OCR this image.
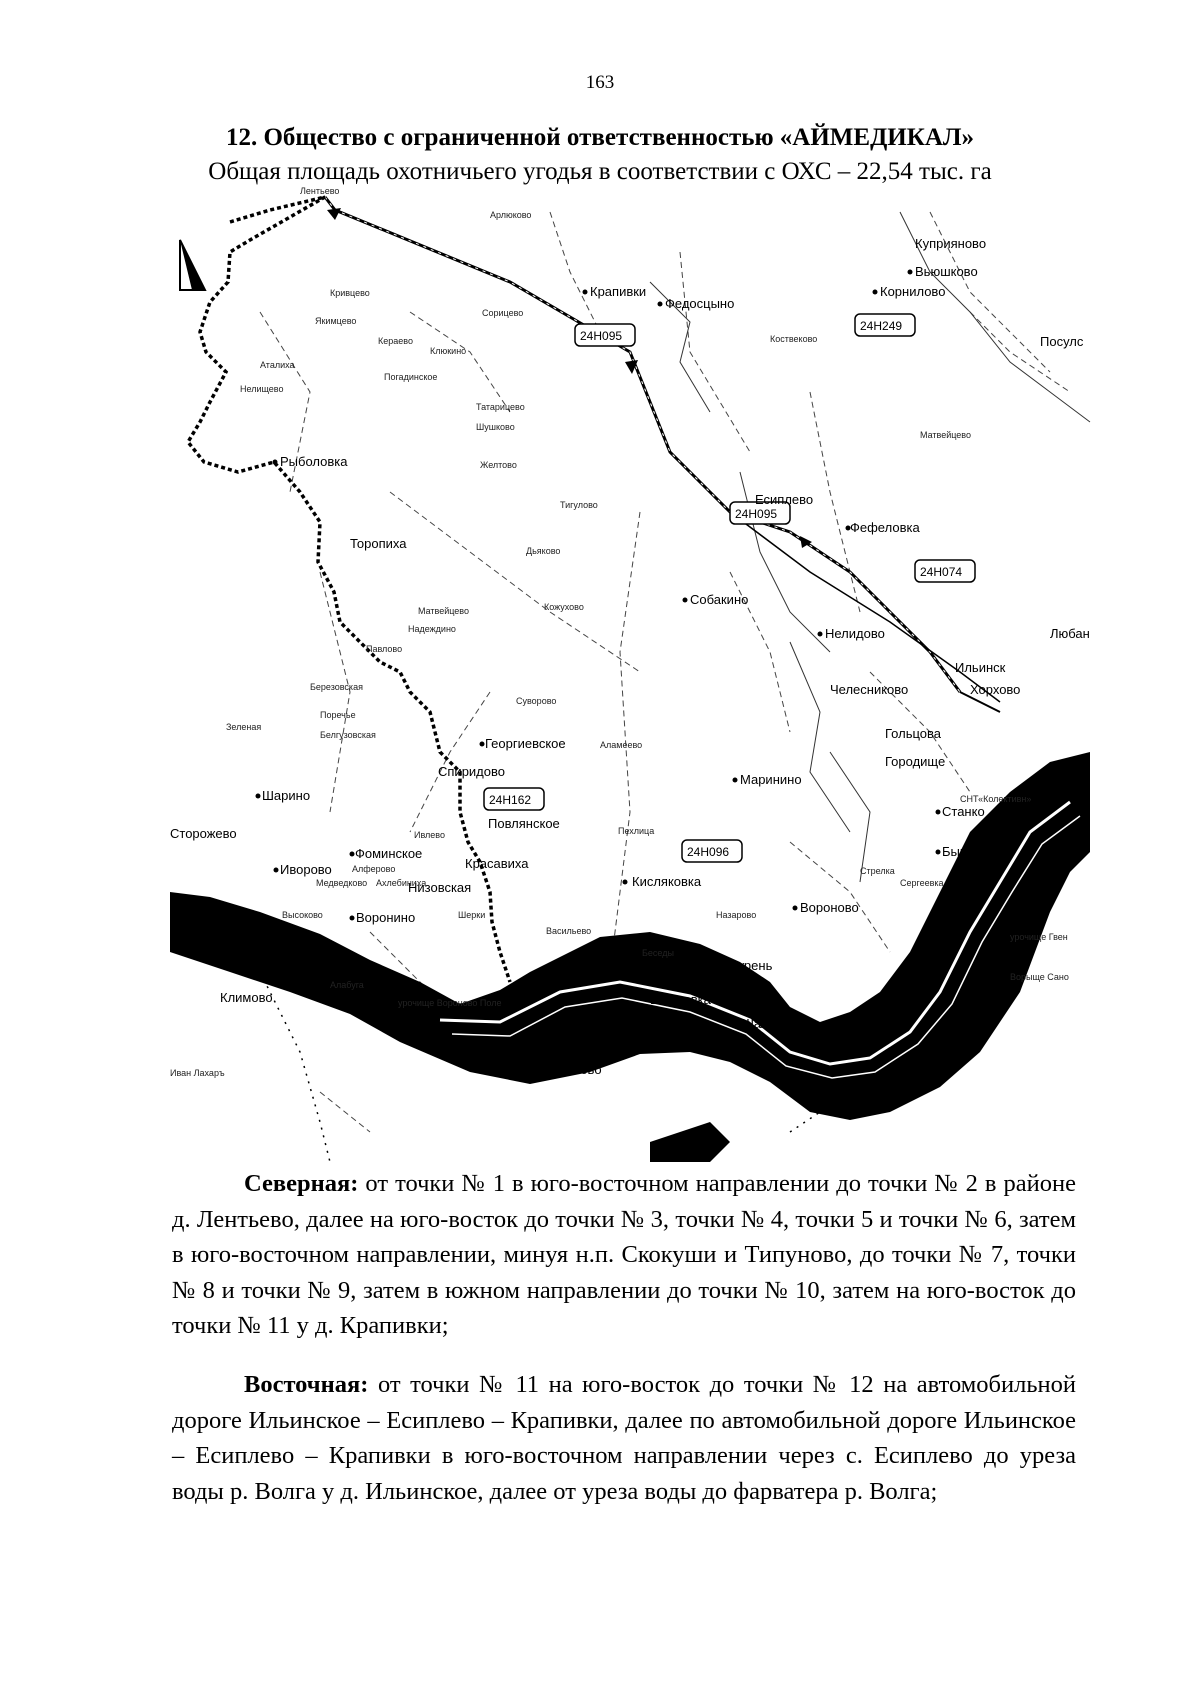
163
12. Общество с ограниченной ответственностью «АЙМЕДИКАЛ»
Общая площадь охотничьего угодья в соответствии с ОХС – 22,54 тыс. га
24Н095
24Н249
24Н095
24Н074
24Н162
24Н096
Лентьево
Крапивки
Федосцыно
Куприяново
Вьюшково
Корнилово
Посулс
Рыболовка
Торопиха
Есиплево
Фефеловка
Собакино
Нелидово
Ильинск
Любан
Челесниково	Хорхово
Гольцова
Городище
Маринино
Георгиевское
Спиридово
Шарино
Сторожево
Повлянское
Фоминское
Иворово
Кисляковка
Красавиха
Низовская
Воронино
Мальцево
Пеньки
Климово
Курень
Вороново
Станко
Быковка
Борщевка
Шалдово
Пуховец	Суздa
Абабково
Шкоbo
Арлюково
Кривцево
Якимцево
Кераево
Клюкино
Аталиха
Нелищево
Погадинское
Сорицево
Татарицево
Шушково
Желтово
Тигулово
Дьяково
Кожухово
Матвейцево
Надеждино
Павлово
Березовская
Суворово
Зеленая
Белгузовская
Поречье
Аламеево
Пехлица
Назарово
Алабуга
урочище Вороново Поле
урочище Гвен
Ворыще Сано
СНТ«Колективн»
Матвейцево
Коствеково
Стрелка
Сергеевка
Беседы
Васильево
Медведково
Высоково
Алферово
Ахлебиниха
Ивлево
Шерки
Иван Лахаръ

Северная: от точки № 1 в юго-восточном направлении до точки № 2 в районе д. Лентьево, далее на юго-восток до точки № 3, точки № 4, точки 5 и точки № 6, затем в юго-восточном направлении, минуя н.п. Скокуши и Типуново, до точки № 7, точки № 8 и точки № 9, затем в южном направлении до точки № 10, затем на юго-восток до точки № 11 у д. Крапивки;

Восточная: от точки № 11 на юго-восток до точки № 12 на автомобильной дороге Ильинское – Есиплево – Крапивки, далее по автомобильной дороге Ильинское – Есиплево – Крапивки в юго-восточном направлении через с. Есиплево до уреза воды р. Волга у д. Ильинское, далее от уреза воды до фарватера р. Волга;
